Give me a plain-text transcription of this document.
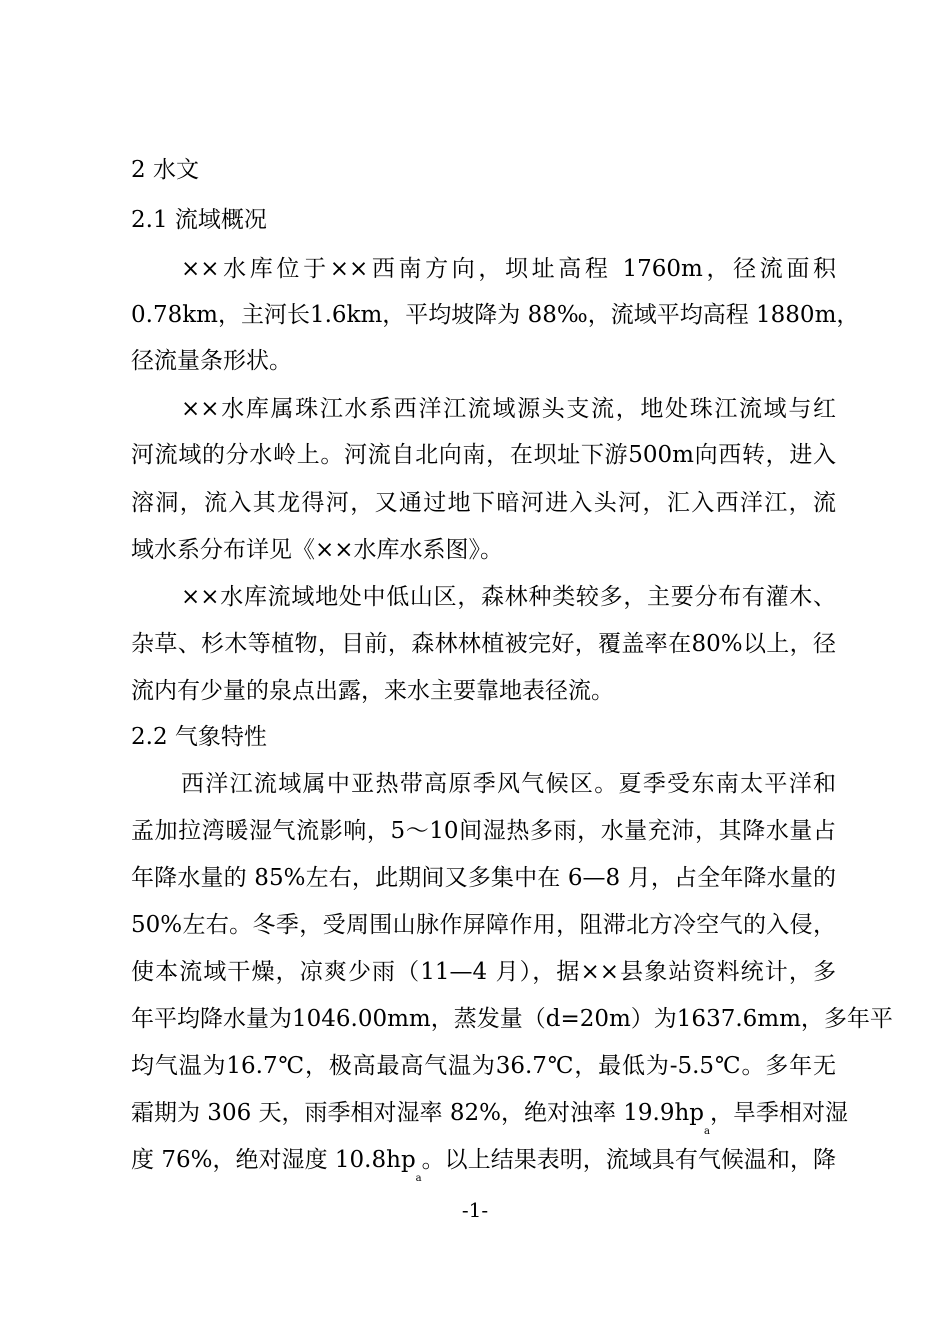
2 水文
2.1 流域概况
××水库位于××西南方向，坝址高程 1760m，径流面积
0.78km，主河长1.6km，平均坡降为 88‰，流域平均高程 1880m，
径流量条形状。
××水库属珠江水系西洋江流域源头支流，地处珠江流域与红
河流域的分水岭上。河流自北向南，在坝址下游500m向西转，进入
溶洞，流入其龙得河，又通过地下暗河进入头河，汇入西洋江，流
域水系分布详见《××水库水系图》。
××水库流域地处中低山区，森林种类较多，主要分布有灌木、
杂草、杉木等植物，目前，森林林植被完好，覆盖率在80%以上，径
流内有少量的泉点出露，来水主要靠地表径流。
2.2 气象特性
西洋江流域属中亚热带高原季风气候区。夏季受东南太平洋和
孟加拉湾暖湿气流影响，5～10间湿热多雨，水量充沛，其降水量占
年降水量的 85%左右，此期间又多集中在 6—8 月，占全年降水量的
50%左右。冬季，受周围山脉作屏障作用，阻滞北方冷空气的入侵，
使本流域干燥，凉爽少雨（11—4 月），据××县象站资料统计，多
年平均降水量为1046.00mm，蒸发量（d=20m）为1637.6mm，多年平
均气温为16.7℃，极高最高气温为36.7℃，最低为-5.5℃。多年无
霜期为 306 天，雨季相对湿率 82%，绝对浊率 $19.9hp_a$，旱季相对湿
度 76%，绝对湿度 $10.8hp_a$。以上结果表明，流域具有气候温和，降
-1-
